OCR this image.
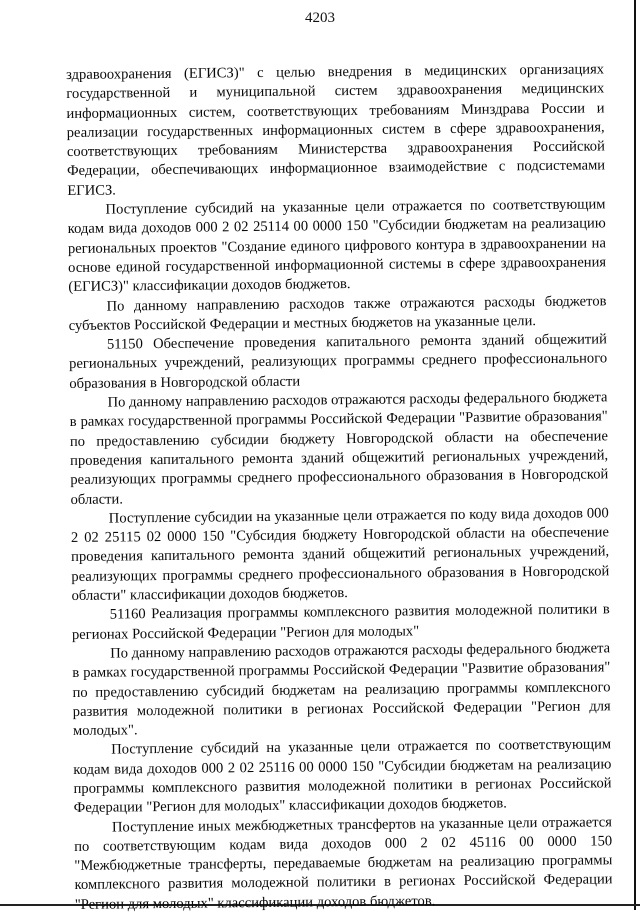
4203

здравоохранения (ЕГИСЗ)" с целью внедрения в медицинских организациях государственной и муниципальной систем здравоохранения медицинских информационных систем, соответствующих требованиям Минздрава России и реализации государственных информационных систем в сфере здравоохранения, соответствующих требованиям Министерства здравоохранения Российской Федерации, обеспечивающих информационное взаимодействие с подсистемами ЕГИСЗ.

Поступление субсидий на указанные цели отражается по соответствующим кодам вида доходов 000 2 02 25114 00 0000 150 "Субсидии бюджетам на реализацию региональных проектов "Создание единого цифрового контура в здравоохранении на основе единой государственной информационной системы в сфере здравоохранения (ЕГИСЗ)" классификации доходов бюджетов.

По данному направлению расходов также отражаются расходы бюджетов субъектов Российской Федерации и местных бюджетов на указанные цели.

51150 Обеспечение проведения капитального ремонта зданий общежитий региональных учреждений, реализующих программы среднего профессионального образования в Новгородской области

По данному направлению расходов отражаются расходы федерального бюджета в рамках государственной программы Российской Федерации "Развитие образования" по предоставлению субсидии бюджету Новгородской области на обеспечение проведения капитального ремонта зданий общежитий региональных учреждений, реализующих программы среднего профессионального образования в Новгородской области.

Поступление субсидии на указанные цели отражается по коду вида доходов 000 2 02 25115 02 0000 150 "Субсидия бюджету Новгородской области на обеспечение проведения капитального ремонта зданий общежитий региональных учреждений, реализующих программы среднего профессионального образования в Новгородской области" классификации доходов бюджетов.

51160 Реализация программы комплексного развития молодежной политики в регионах Российской Федерации "Регион для молодых"

По данному направлению расходов отражаются расходы федерального бюджета в рамках государственной программы Российской Федерации "Развитие образования" по предоставлению субсидий бюджетам на реализацию программы комплексного развития молодежной политики в регионах Российской Федерации "Регион для молодых".

Поступление субсидий на указанные цели отражается по соответствующим кодам вида доходов 000 2 02 25116 00 0000 150 "Субсидии бюджетам на реализацию программы комплексного развития молодежной политики в регионах Российской Федерации "Регион для молодых" классификации доходов бюджетов.

Поступление иных межбюджетных трансфертов на указанные цели отражается по соответствующим кодам вида доходов 000 2 02 45116 00 0000 150 "Межбюджетные трансферты, передаваемые бюджетам на реализацию программы комплексного развития молодежной политики в регионах Российской Федерации "Регион для молодых" классификации доходов бюджетов.
